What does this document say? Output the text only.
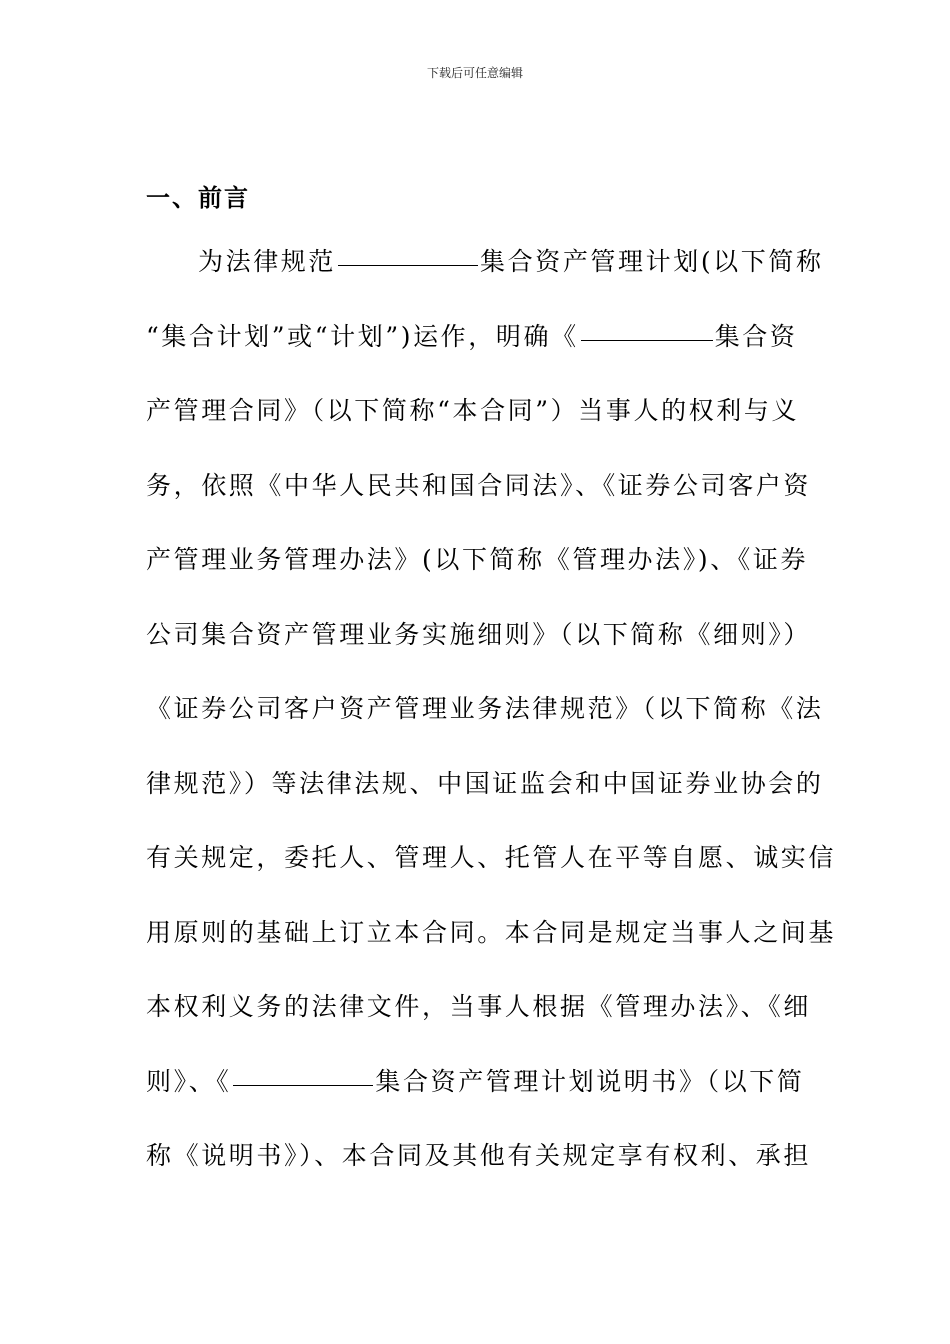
下载后可任意编辑
一、前言
为法律规范	集合资产管理计划(以下简称
“集合计划”或“计划”)运作，明确《	集合资
产管理合同》（以下简称“本合同”）当事人的权利与义
务，依照《中华人民共和国合同法》、《证券公司客户资
产管理业务管理办法》(以下简称《管理办法》)、《证券
公司集合资产管理业务实施细则》（以下简称《细则》）
《证券公司客户资产管理业务法律规范》（以下简称《法
律规范》）等法律法规、中国证监会和中国证券业协会的
有关规定，委托人、管理人、托管人在平等自愿、诚实信
用原则的基础上订立本合同。本合同是规定当事人之间基
本权利义务的法律文件，当事人根据《管理办法》、《细
则》、《	集合资产管理计划说明书》（以下简
称《说明书》）、本合同及其他有关规定享有权利、承担
